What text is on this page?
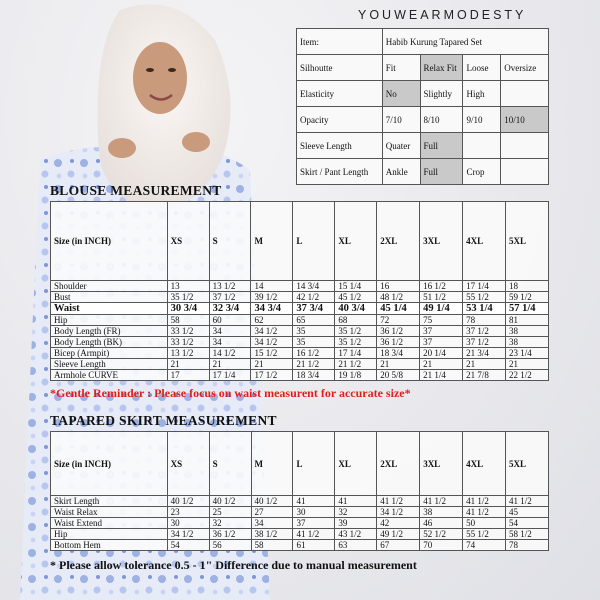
YOUWEARMODESTY
Item:	Habib Kurung Tapared Set			
Silhoutte	Fit	Relax Fit	Loose	Oversize
Elasticity	No	Slightly	High	
Opacity	7/10	8/10	9/10	10/10
Sleeve Length	Quater	Full		
Skirt / Pant Length	Ankle	Full	Crop	
BLOUSE MEASUREMENT
Size (in INCH)	XS	S	M	L	XL	2XL	3XL	4XL	5XL
Shoulder	13	13 1/2	14	14 3/4	15 1/4	16	16 1/2	17 1/4	18
Bust	35 1/2	37 1/2	39 1/2	42 1/2	45 1/2	48 1/2	51 1/2	55 1/2	59 1/2
Waist	30 3/4	32 3/4	34 3/4	37 3/4	40 3/4	45 1/4	49 1/4	53 1/4	57 1/4
Hip	58	60	62	65	68	72	75	78	81
Body Length (FR)	33 1/2	34	34 1/2	35	35 1/2	36 1/2	37	37 1/2	38
Body Length (BK)	33 1/2	34	34 1/2	35	35 1/2	36 1/2	37	37 1/2	38
Bicep (Armpit)	13 1/2	14 1/2	15 1/2	16 1/2	17 1/4	18 3/4	20 1/4	21 3/4	23 1/4
Sleeve Length	21	21	21	21 1/2	21 1/2	21	21	21	21
Armhole CURVE	17	17 1/4	17 1/2	18 3/4	19 1/8	20 5/8	21 1/4	21 7/8	22 1/2
*Gentle Reminder : Please focus on waist measurent for accurate size*
TAPARED SKIRT MEASUREMENT
Size (in INCH)	XS	S	M	L	XL	2XL	3XL	4XL	5XL
Skirt Length	40 1/2	40 1/2	40 1/2	41	41	41 1/2	41 1/2	41 1/2	41 1/2
Waist Relax	23	25	27	30	32	34 1/2	38	41 1/2	45
Waist Extend	30	32	34	37	39	42	46	50	54
Hip	34 1/2	36 1/2	38 1/2	41 1/2	43 1/2	49 1/2	52 1/2	55 1/2	58 1/2
Bottom Hem	54	56	58	61	63	67	70	74	78
* Please allow tolerance 0.5 - 1" Difference due to manual measurement
